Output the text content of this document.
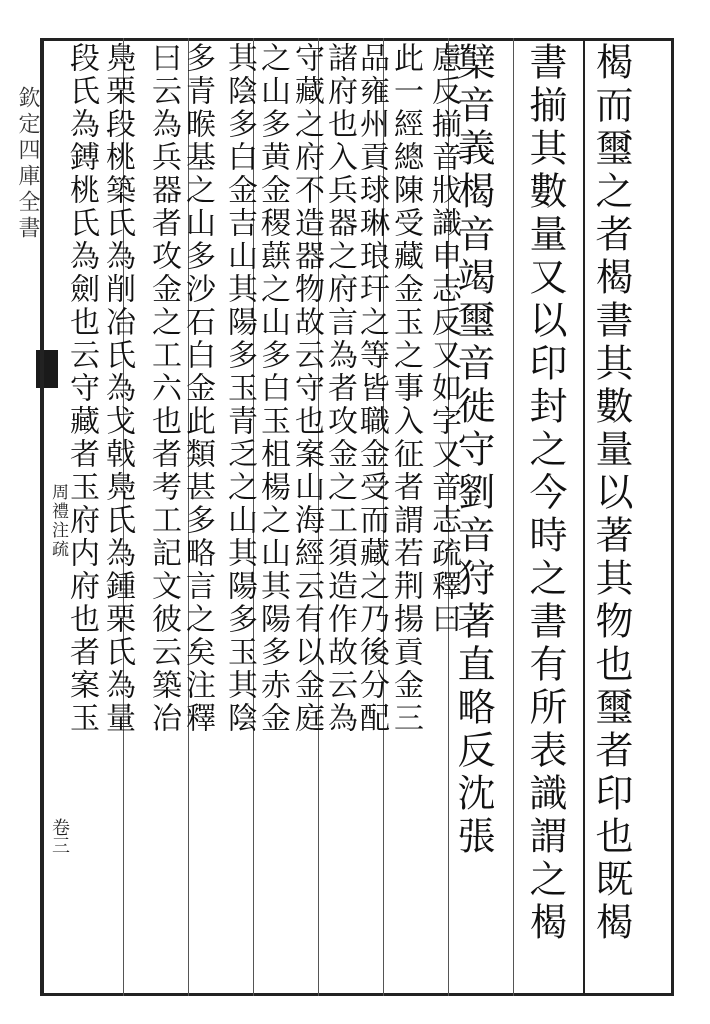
欽定四庫全書
周禮注疏
卷三	楬而璽之者楬書其數量以著其物也璽者印也既楬
書揃其數量又以印封之今時之書有所表識謂之楬
櫱音義楬音竭璽音徙守劉音狩著直略反沈張
慮反揃音戕識申志反又如字又音志疏釋曰
此一經總陳受藏金玉之事入征者謂若荆揚貢金三
品雍州貢球琳琅玕之等皆職金受而藏之乃後分配
諸府也入兵器之府言為者攻金之工須造作故云為
守藏之府不造器物故云守也案山海經云有以金庭
之山多黄金稷蕻之山多白玉柤楊之山其陽多赤金
其陰多白金吉山其陽多玉青乏之山其陽多玉其陰
多青㬋基之山多沙石白金此類甚多略言之矣注釋
曰云為兵器者攻金之工六也者考工記文彼云築冶
鳧栗段桃築氏為削冶氏為戈戟鳧氏為鍾栗氏為量
段氏為鎛桃氏為劍也云守藏者玉府内府也者案玉
